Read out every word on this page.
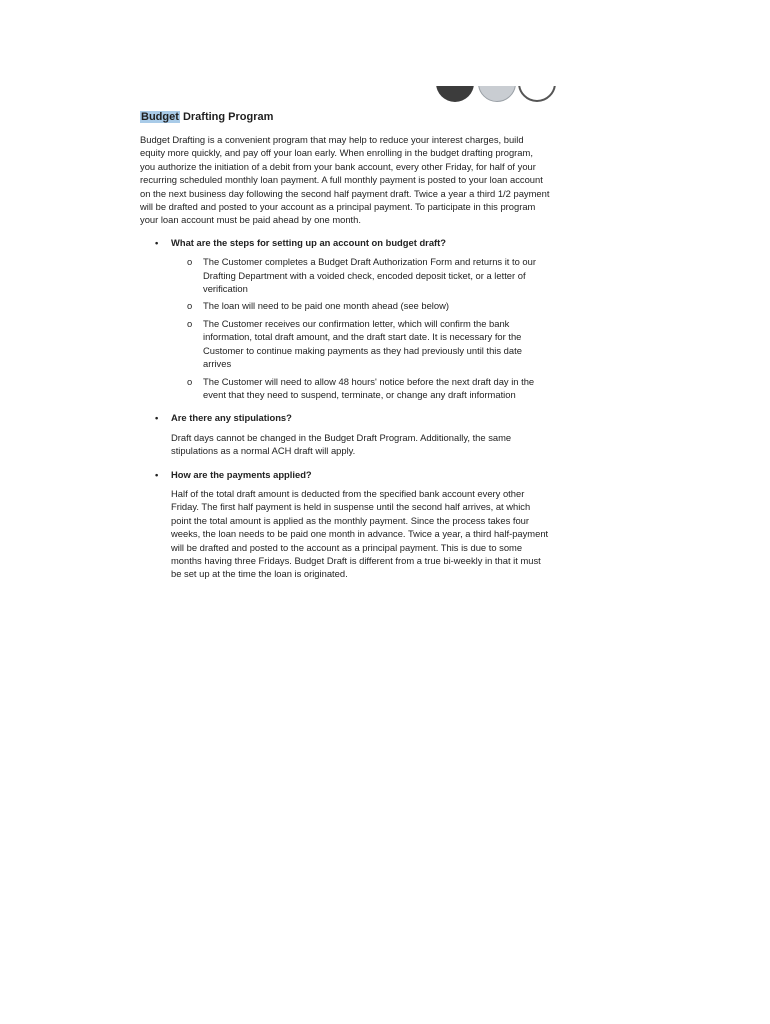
Budget Drafting Program

Budget Drafting is a convenient program that may help to reduce your interest charges, build equity more quickly, and pay off your loan early. When enrolling in the budget drafting program, you authorize the initiation of a debit from your bank account, every other Friday, for half of your recurring scheduled monthly loan payment. A full monthly payment is posted to your loan account on the next business day following the second half payment draft. Twice a year a third 1/2 payment will be drafted and posted to your account as a principal payment. To participate in this program your loan account must be paid ahead by one month.

• What are the steps for setting up an account on budget draft?
o The Customer completes a Budget Draft Authorization Form and returns it to our Drafting Department with a voided check, encoded deposit ticket, or a letter of verification
o The loan will need to be paid one month ahead (see below)
o The Customer receives our confirmation letter, which will confirm the bank information, total draft amount, and the draft start date. It is necessary for the Customer to continue making payments as they had previously until this date arrives
o The Customer will need to allow 48 hours' notice before the next draft day in the event that they need to suspend, terminate, or change any draft information
• Are there any stipulations?

Draft days cannot be changed in the Budget Draft Program. Additionally, the same stipulations as a normal ACH draft will apply.

• How are the payments applied?

Half of the total draft amount is deducted from the specified bank account every other Friday. The first half payment is held in suspense until the second half arrives, at which point the total amount is applied as the monthly payment. Since the process takes four weeks, the loan needs to be paid one month in advance. Twice a year, a third half-payment will be drafted and posted to the account as a principal payment. This is due to some months having three Fridays. Budget Draft is different from a true bi-weekly in that it must be set up at the time the loan is originated.
